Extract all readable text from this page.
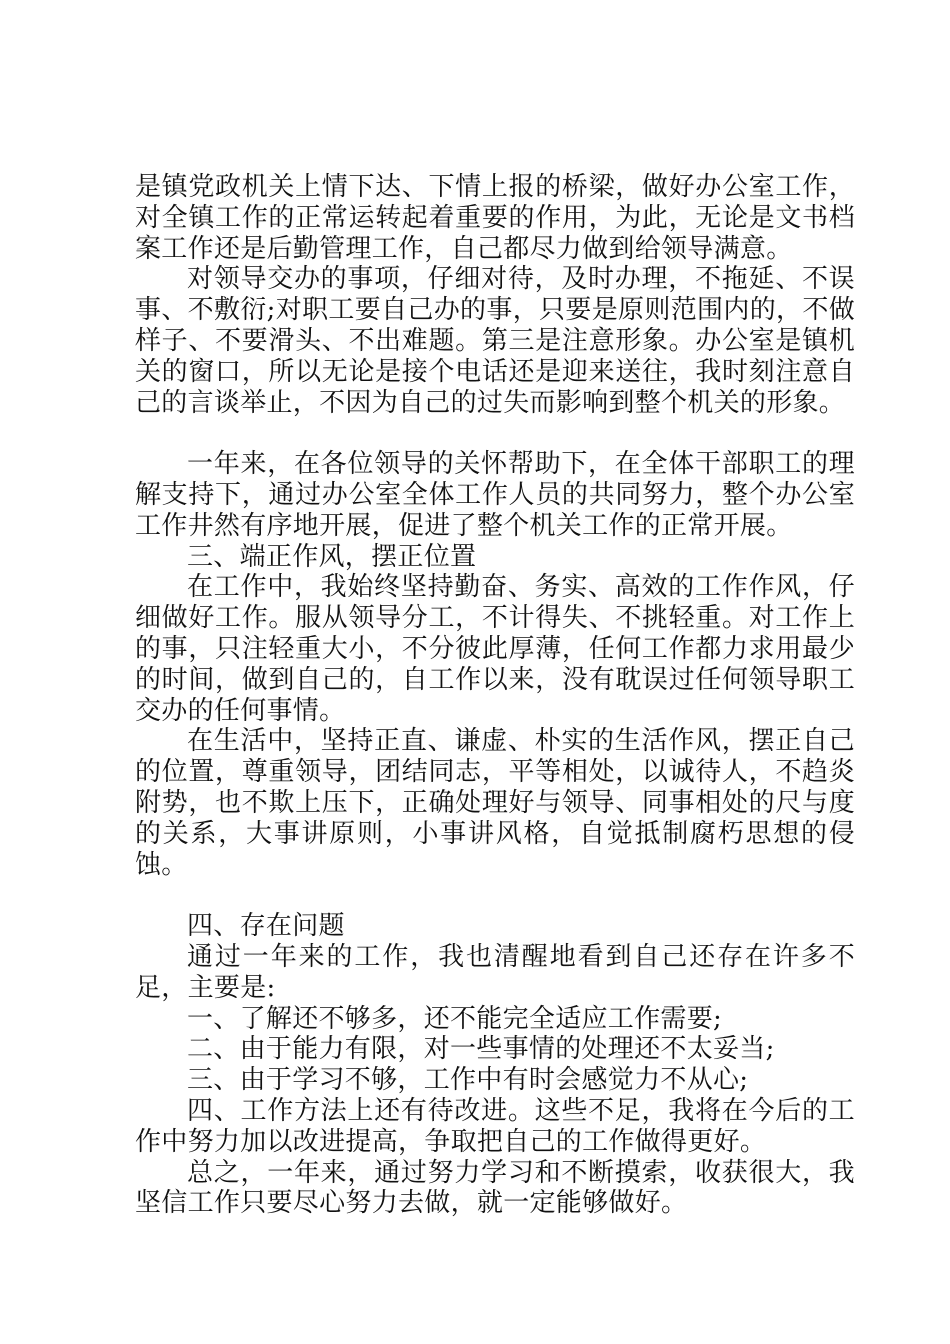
是镇党政机关上情下达、下情上报的桥梁，做好办公室工作，对全镇工作的正常运转起着重要的作用，为此，无论是文书档案工作还是后勤管理工作，自己都尽力做到给领导满意。

对领导交办的事项，仔细对待，及时办理，不拖延、不误事、不敷衍;对职工要自己办的事，只要是原则范围内的，不做样子、不要滑头、不出难题。第三是注意形象。办公室是镇机关的窗口，所以无论是接个电话还是迎来送往，我时刻注意自己的言谈举止，不因为自己的过失而影响到整个机关的形象。

一年来，在各位领导的关怀帮助下，在全体干部职工的理解支持下，通过办公室全体工作人员的共同努力，整个办公室工作井然有序地开展，促进了整个机关工作的正常开展。

三、端正作风，摆正位置

在工作中，我始终坚持勤奋、务实、高效的工作作风，仔细做好工作。服从领导分工，不计得失、不挑轻重。对工作上的事，只注轻重大小，不分彼此厚薄，任何工作都力求用最少的时间，做到自己的，自工作以来，没有耽误过任何领导职工交办的任何事情。

在生活中，坚持正直、谦虚、朴实的生活作风，摆正自己的位置，尊重领导，团结同志，平等相处，以诚待人，不趋炎附势，也不欺上压下，正确处理好与领导、同事相处的尺与度的关系，大事讲原则，小事讲风格，自觉抵制腐朽思想的侵蚀。

四、存在问题

通过一年来的工作，我也清醒地看到自己还存在许多不足，主要是:

一、了解还不够多，还不能完全适应工作需要;

二、由于能力有限，对一些事情的处理还不太妥当;

三、由于学习不够，工作中有时会感觉力不从心;

四、工作方法上还有待改进。这些不足，我将在今后的工作中努力加以改进提高，争取把自己的工作做得更好。

总之，一年来，通过努力学习和不断摸索，收获很大，我坚信工作只要尽心努力去做，就一定能够做好。
